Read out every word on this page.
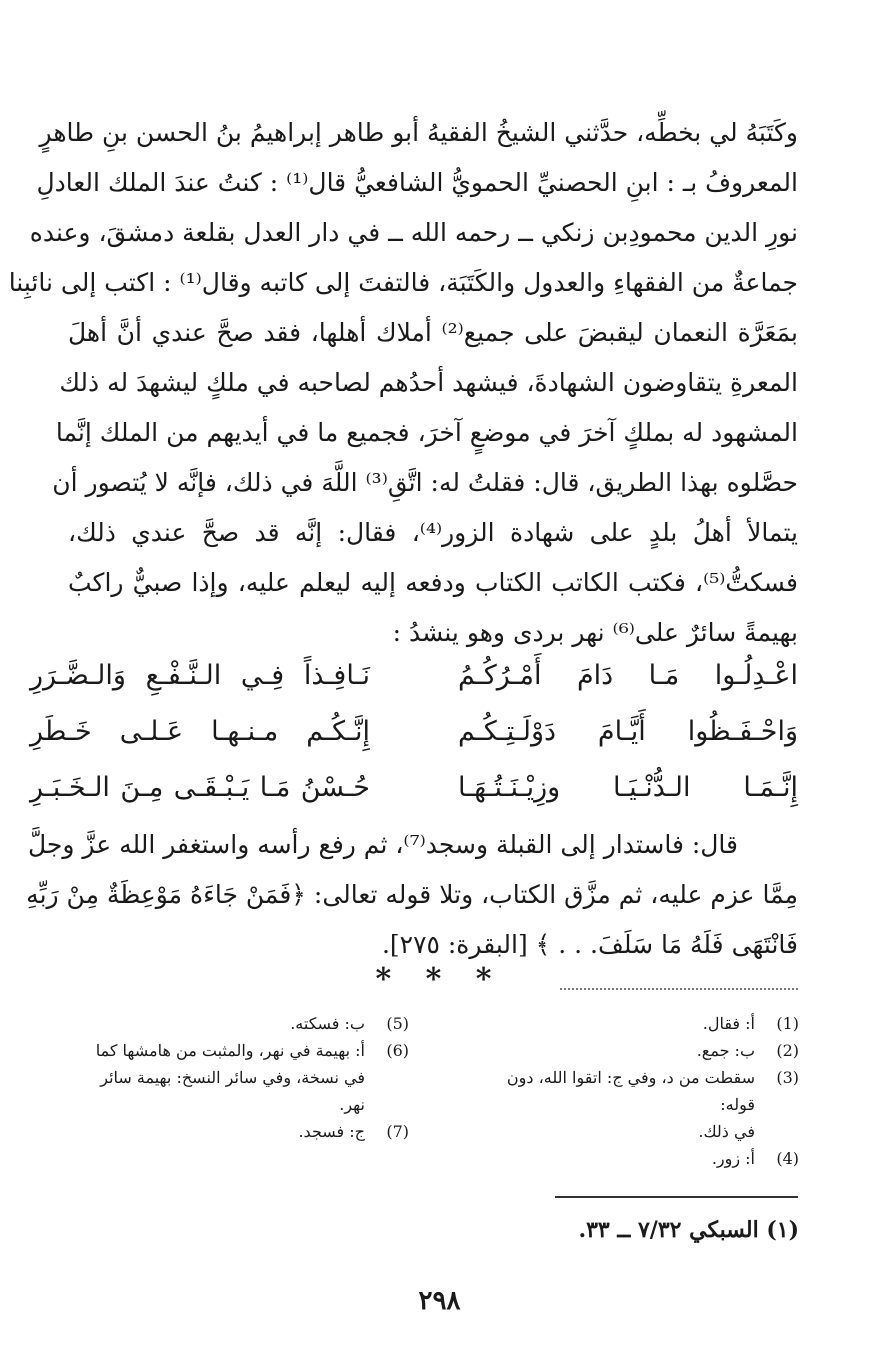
وكَتَبَهُ لي بخطِّه، حدَّثني الشيخُ الفقيهُ أبو طاهر إبراهيمُ بنُ الحسن بنِ طاهرٍ
المعروفُ بـ : ابنِ الحصنيِّ الحمويُّ الشافعيُّ قال⁽¹⁾ : كنتُ عندَ الملك العادلِ
نورِ الدين محمودِبن زنكي ــ رحمه الله ــ في دار العدل بقلعة دمشقَ، وعنده
جماعةٌ من الفقهاءِ والعدول والكَتَبَة، فالتفتَ إلى كاتبه وقال⁽¹⁾ : اكتب إلى نائبِنا
بمَعَرَّة النعمان ليقبضَ على جميع⁽²⁾ أملاك أهلها، فقد صحَّ عندي أنَّ أهلَ
المعرةِ يتقاوضون الشهادةَ، فيشهد أحدُهم لصاحبه في ملكٍ ليشهدَ له ذلك
المشهود له بملكٍ آخرَ في موضعٍ آخرَ، فجميع ما في أيديهم من الملك إنَّما
حصَّلوه بهذا الطريق، قال: فقلتُ له: اتَّقِ⁽³⁾ اللَّهَ في ذلك، فإنَّه لا يُتصور أن
يتمالأ أهلُ بلدٍ على شهادة الزور⁽⁴⁾، فقال: إنَّه قد صحَّ عندي ذلك،
فسكتُّ⁽⁵⁾، فكتب الكاتب الكتاب ودفعه إليه ليعلم عليه، وإذا صبيٌّ راكبٌ
بهيمةً سائرٌ على⁽⁶⁾ نهر بردى وهو ينشدُ :
اعْـدِلُـوا مَـا دَامَ أَمْـرُكُـمُ
نَـافِـذاً فِـي الـنَّـفْـعِ وَالـضَّـرَرِ
وَاحْـفَـظُوا أَيَّـامَ دَوْلَـتِـكُـم
إِنَّـكُـم مـنـهـا عَـلـى خَـطَرِ
إِنَّـمَـا الـدُّنْـيَـا وزِيْـنَـتُـهَـا
حُـسْنُ مَـا يَـبْـقَـى مِـنَ الـخَـبَـرِ
قال: فاستدار إلى القبلة وسجد⁽⁷⁾، ثم رفع رأسه واستغفر الله عزَّ وجلَّ
مِمَّا عزم عليه، ثم مزَّق الكتاب، وتلا قوله تعالى: ﴿فَمَنْ جَاءَهُ مَوْعِظَةٌ مِنْ رَبِّهِ
فَانْتَهَى فَلَهُ مَا سَلَفَ. . . ﴾ [البقرة: ٢٧٥].
* * *
(1)
أ: فقال.
(2)
ب: جمع.
(3)
سقطت من د، وفي ج: اتقوا الله، دون قوله:
في ذلك.
(4)
أ: زور.
(5)
ب: فسكته.
(6)
أ: بهيمة في نهر، والمثبت من هامشها كما
في نسخة، وفي سائر النسخ: بهيمة سائر
نهر.
(7)
ج: فسجد.
(١) السبكي ٧/٣٢ ــ ٣٣.
٢٩٨
